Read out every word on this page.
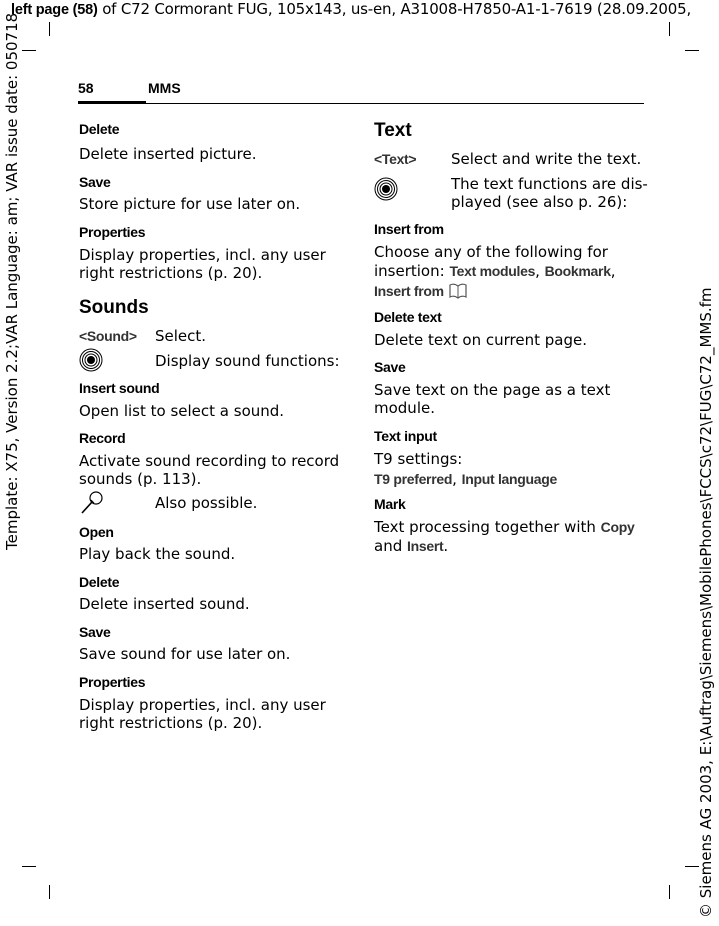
left page (58) of C72 Cormorant FUG, 105x143, us-en, A31008-H7850-A1-1-7619 (28.09.2005,
Template: X75, Version 2.2;VAR Language: am; VAR issue date: 050718
© Siemens AG 2003, E:\Auftrag\Siemens\MobilePhones\FCCS\c72\FUG\C72_MMS.fm
58	MMS
Delete
Delete inserted picture.
Save
Store picture for use later on.
Properties
Display properties, incl. any user
right restrictions (p. 20).
Sounds
<Sound> Select.
Display sound functions:
Insert sound
Open list to select a sound.
Record
Activate sound recording to record
sounds (p. 113).
Also possible.
Open
Play back the sound.
Delete
Delete inserted sound.
Save
Save sound for use later on.
Properties
Display properties, incl. any user
right restrictions (p. 20).
Text
<Text> Select and write the text.
The text functions are dis-
played (see also p. 26):
Insert from
Choose any of the following for
insertion: Text modules, Bookmark,
Insert from
Delete text
Delete text on current page.
Save
Save text on the page as a text
module.
Text input
T9 settings:
T9 preferred, Input language
Mark
Text processing together with Copy
and Insert.
